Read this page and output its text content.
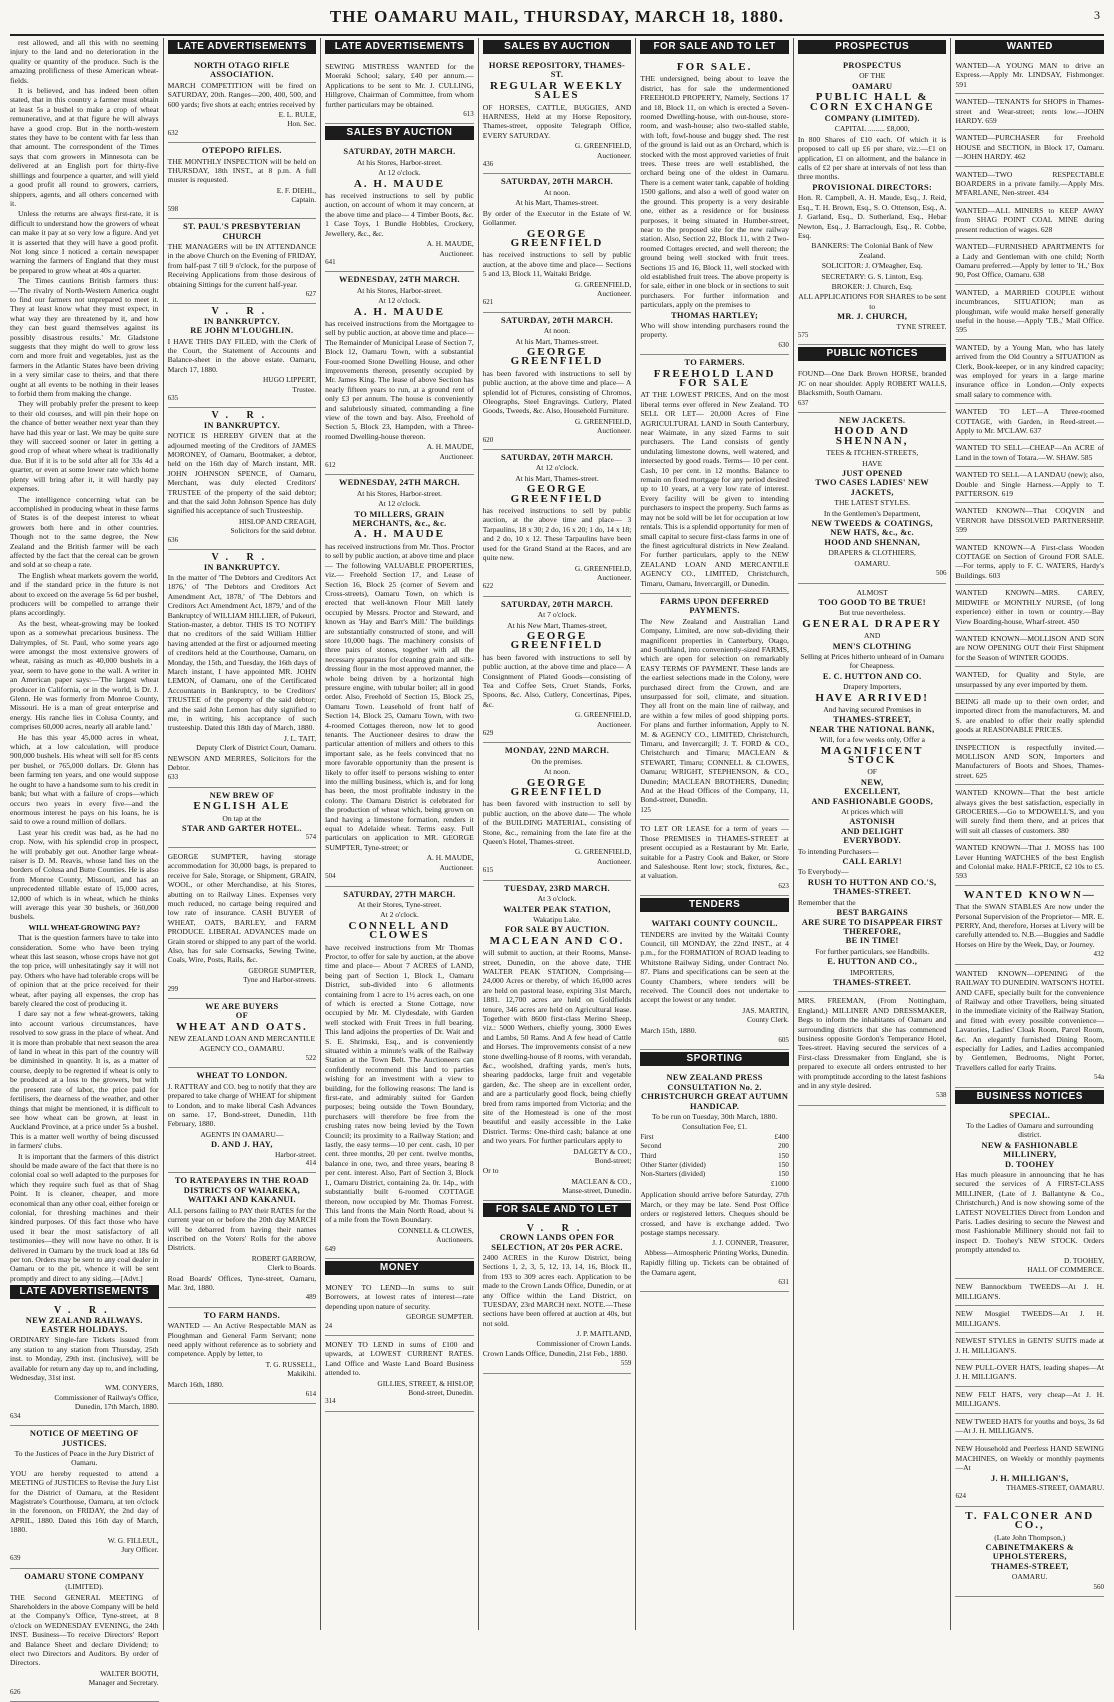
THE OAMARU MAIL, THURSDAY, MARCH 18, 1880.	3

rest allowed, and all this with no seeming injury to the land and no deterioration in the quality or quantity of the produce. Such is the amazing prolificness of these American wheat-fields.

It is believed, and has indeed been often stated, that in this country a farmer must obtain at least 5s a bushel to make a crop of wheat remunerative, and at that figure he will always have a good crop. But in the north-western states they have to be content with far less than that amount. The correspondent of the Times says that corn growers in Minnesota can be delivered at an English port for thirty-five shillings and fourpence a quarter, and will yield a good profit all round to growers, carriers, shippers, agents, and all others concerned with it.

Unless the returns are always first-rate, it is difficult to understand how the growers of wheat can make it pay at so very low a figure. And yet it is asserted that they will have a good profit. Not long since I noticed a certain newspaper warning the farmers of England that they must be prepared to grow wheat at 40s a quarter.

The Times cautions British farmers thus:—'The rivalry of North-Western America ought to find our farmers not unprepared to meet it. They at least know what they must expect, in what way they are threatened by it, and how they can best guard themselves against its possibly disastrous results.' Mr. Gladstone suggests that they might do well to grow less corn and more fruit and vegetables, just as the farmers in the Atlantic States have been driving in a very similar case to theirs, and that there ought at all events to be nothing in their leases to forbid them from making the change.

They will probably prefer the present to keep to their old courses, and will pin their hope on the chance of better weather next year than they have had this year or last. We may be quite sure they will succeed sooner or later in getting a good crop of wheat where wheat is traditionally due. But if it is to be sold after all for 33s 4d a quarter, or even at some lower rate which home plenty will bring after it, it will hardly pay expenses.

The intelligence concerning what can be accomplished in producing wheat in these farms of States is of the deepest interest to wheat growers both here and in other countries. Though not to the same degree, the New Zealand and the British farmer will be each affected by the fact that the cereal can be grown and sold at so cheap a rate.

The English wheat markets govern the world, and if the standard price in the future is not about to exceed on the average 5s 6d per bushel, producers will be compelled to arrange their plans accordingly.

As the best, wheat-growing may be looked upon as a somewhat precarious business. The Dalrymples, of St. Paul, who some years ago were amongst the most extensive growers of wheat, raising as much as 40,000 bushels in a year, seem to have gone to the wall. A writer in an American paper says:—'The largest wheat producer in California, or in the world, is Dr. J. Glenn. He was formerly from Monroe County, Missouri. He is a man of great enterprise and energy. His ranche lies in Colusa County, and comprises 60,000 acres, nearly all arable land.'

He has this year 45,000 acres in wheat, which, at a low calculation, will produce 900,000 bushels. His wheat will sell for 85 cents per bushel, or 765,000 dollars. Dr. Glenn has been farming ten years, and one would suppose he ought to have a handsome sum to his credit in bank; but what with a failure of crops—which occurs two years in every five—and the enormous interest he pays on his loans, he is said to owe a round million of dollars.

Last year his credit was bad, as he had no crop. Now, with his splendid crop in prospect, he will probably get out. Another large wheat-raiser is D. M. Reavis, whose land lies on the borders of Colusa and Butte Counties. He is also from Monroe County, Missouri, and has an unprecedented tillable estate of 15,000 acres, 12,000 of which is in wheat, which he thinks will average this year 30 bushels, or 360,000 bushels.

WILL WHEAT-GROWING PAY?

That is the question farmers have to take into consideration. Some who have been trying wheat this last season, whose crops have not got the top price, will unhesitatingly say it will not pay. Others who have had tolerable crops will be of opinion that at the price received for their wheat, after paying all expenses, the crop has barely cleared the cost of producing it.

I dare say not a few wheat-growers, taking into account various circumstances, have resolved to sow grass in the place of wheat. And it is more than probable that next season the area of land in wheat in this part of the country will be diminished in quantity. It is, as a matter of course, deeply to be regretted if wheat is only to be produced at a loss to the growers, but with the present rate of labor, the price paid for fertilisers, the dearness of the weather, and other things that might be mentioned, it is difficult to see how wheat can be grown, at least in Auckland Province, at a price under 5s a bushel. This is a matter well worthy of being discussed in farmers' clubs.

It is important that the farmers of this district should be made aware of the fact that there is no colonial coal so well adapted to the purposes for which they require such fuel as that of Shag Point. It is cleaner, cheaper, and more economical than any other coal, either foreign or colonial, for threshing machines and their kindred purposes. Of this fact those who have used it bear the most satisfactory of all testimonies—they will now have no other. It is delivered in Oamaru by the truck load at 18s 6d per ton. Orders may be sent to any coal dealer in Oamaru or to the pit, whence it will be sent promptly and direct to any siding.—[Advt.]

LATE ADVERTISEMENTS
V. R.
NEW ZEALAND RAILWAYS.
EASTER HOLIDAYS.

ORDINARY Single-fare Tickets issued from any station to any station from Thursday, 25th inst. to Monday, 29th inst. (inclusive), will be available for return any day up to, and including, Wednesday, 31st inst.

WM. CONYERS,
Commissioner of Railway's Office,
Dunedin, 17th March, 1880.
634
NOTICE OF MEETING OF JUSTICES.

To the Justices of Peace in the Jury District of Oamaru.

YOU are hereby requested to attend a MEETING of JUSTICES to Revise the Jury List for the District of Oamaru, at the Resident Magistrate's Courthouse, Oamaru, at ten o'clock in the forenoon, on FRIDAY, the 2nd day of APRIL, 1880. Dated this 16th day of March, 1880.

W. G. FILLEUL,
Jury Officer.
639
OAMARU STONE COMPANY

(LIMITED).

THE Second GENERAL MEETING of Shareholders in the above Company will be held at the Company's Office, Tyne-street, at 8 o'clock on WEDNESDAY EVENING, the 24th INST. Business—To receive Directors' Report and Balance Sheet and declare Dividend; to elect two Directors and Auditors. By order of Directors.

WALTER BOOTH,
Manager and Secretary.
626
LATE ADVERTISEMENTS
NORTH OTAGO RIFLE ASSOCIATION.

MARCH COMPETITION will be fired on SATURDAY, 20th. Ranges—200, 400, 500, and 600 yards; five shots at each; entries received by

E. L. RULE,
Hon. Sec.
632
OTEPOPO RIFLES.

THE MONTHLY INSPECTION will be held on THURSDAY, 18th INST., at 8 p.m. A full muster is requested.

E. F. DIEHL,
Captain.
598
ST. PAUL'S PRESBYTERIAN CHURCH

THE MANAGERS will be IN ATTENDANCE in the above Church on the Evening of FRIDAY, from half-past 7 till 9 o'clock, for the purpose of Receiving Applications from those desirous of obtaining Sittings for the current half-year.

627
V. R.
IN BANKRUPTCY.
RE JOHN M'LOUGHLIN.

I HAVE THIS DAY FILED, with the Clerk of the Court, the Statement of Accounts and Balance-sheet in the above estate. Oamaru, March 17, 1880.

HUGO LIPPERT,
Trustee.
635
V. R.
IN BANKRUPTCY.

NOTICE IS HEREBY GIVEN that at the adjourned meeting of the Creditors of JAMES MORONEY, of Oamaru, Bootmaker, a debtor, held on the 16th day of March instant, MR. JOHN JOHNSON SPENCE, of Oamaru, Merchant, was duly elected Creditors' TRUSTEE of the property of the said debtor; and that the said John Johnson Spence has duly signified his acceptance of such Trusteeship.

HISLOP AND CREAGH,
Solicitors for the said debtor.
636
V. R.
IN BANKRUPTCY.

In the matter of 'The Debtors and Creditors Act 1876,' of 'The Debtors and Creditors Act Amendment Act, 1878,' of 'The Debtors and Creditors Act Amendment Act, 1879,' and of the Bankruptcy of WILLIAM HILLIER, of Pukeuri, Station-master, a debtor. THIS IS TO NOTIFY that no creditors of the said William Hillier having attended at the first or adjourned meeting of creditors held at the Courthouse, Oamaru, on Monday, the 15th, and Tuesday, the 16th days of March instant, I have appointed MR. JOHN LEMON, of Oamaru, one of the Certificated Accountants in Bankruptcy, to be Creditors' TRUSTEE of the property of the said debtor; and the said John Lemon has duly signified to me, in writing, his acceptance of such trusteeship. Dated this 18th day of March, 1880.

J. L. TAIT,
Deputy Clerk of District Court, Oamaru.

NEWSON AND MERRES, Solicitors for the Debtor.

633
NEW BREW OF
ENGLISH ALE

On tap at the

STAR AND GARTER HOTEL.
574

GEORGE SUMPTER, having storage accommodation for 30,000 bags, is prepared to receive for Sale, Storage, or Shipment, GRAIN, WOOL, or other Merchandise, at his Stores, abutting on to Railway Lines. Expenses very much reduced, no cartage being required and low rate of insurance. CASH BUYER of WHEAT, OATS, BARLEY, and FARM PRODUCE. LIBERAL ADVANCES made on Grain stored or shipped to any part of the world. Also, has for sale Cornsacks, Sewing Twine, Coals, Wire, Posts, Rails, &c.

GEORGE SUMPTER,
Tyne and Harbor-streets.
299
WE ARE BUYERS
OF
WHEAT AND OATS.

NEW ZEALAND LOAN AND MERCANTILE AGENCY CO., OAMARU.

522
WHEAT TO LONDON.

J. RATTRAY and CO. beg to notify that they are prepared to take charge of WHEAT for shipment to London, and to make liberal Cash Advances on same. 17, Bond-street, Dunedin, 11th February, 1880.

AGENTS IN OAMARU—

D. AND J. HAY,
Harbor-street.
414
TO RATEPAYERS IN THE ROAD DISTRICTS OF WAIAREKA, WAITAKI AND KAKANUI.

ALL persons failing to PAY their RATES for the current year on or before the 20th day MARCH will be debarred from having their names inscribed on the Voters' Rolls for the above Districts.

ROBERT GARROW,
Clerk to Boards.

Road Boards' Offices, Tyne-street, Oamaru, Mar. 3rd, 1880.

489
TO FARM HANDS.

WANTED — An Active Respectable MAN as Ploughman and General Farm Servant; none need apply without reference as to sobriety and competence. Apply by letter, to

T. G. RUSSELL,
Makikihi.

March 16th, 1880.

614
LATE ADVERTISEMENTS

SEWING MISTRESS WANTED for the Moeraki School; salary, £40 per annum.—Applications to be sent to Mr. J. CULLING, Hillgrove, Chairman of Committee, from whom further particulars may be obtained.

613
SALES BY AUCTION
SATURDAY, 20TH MARCH.

At his Stores, Harbor-street.

At 12 o'clock.

A. H. MAUDE

has received instructions to sell by public auction, on account of whom it may concern, at the above time and place— 4 Timber Boots, &c. 1 Case Toys, 1 Bundle Hobbles, Crockery, Jewellery, &c., &c.

A. H. MAUDE,
Auctioneer.
641
WEDNESDAY, 24TH MARCH.

At his Stores, Harbor-street.

At 12 o'clock.

A. H. MAUDE

has received instructions from the Mortgagee to sell by public auction, at above time and place— The Remainder of Municipal Lease of Section 7, Block 12, Oamaru Town, with a substantial Four-roomed Stone Dwelling House, and other improvements thereon, presently occupied by Mr. James King. The lease of above Section has nearly fifteen years to run, at a ground rent of only £3 per annum. The house is conveniently and salubriously situated, commanding a fine view of the town and bay. Also, Freehold of Section 5, Block 23, Hampden, with a Three-roomed Dwelling-house thereon.

A. H. MAUDE,
Auctioneer.
612
WEDNESDAY, 24TH MARCH.

At his Stores, Harbor-street.

At 12 o'clock.

TO MILLERS, GRAIN MERCHANTS, &c., &c.
A. H. MAUDE

has received instructions from Mr. Thos. Proctor to sell by public auction, at above time and place— The following VALUABLE PROPERTIES, viz.— Freehold Section 17, and Lease of Section 16, Block 25 (corner of Severn and Cross-streets), Oamaru Town, on which is erected that well-known Flour Mill lately occupied by Messrs. Proctor and Steward, and known as 'Hay and Barr's Mill.' The buildings are substantially constructed of stone, and will store 10,000 bags. The machinery consists of three pairs of stones, together with all the necessary apparatus for cleaning grain and silk-dressing flour in the most approved manner, the whole being driven by a horizontal high pressure engine, with tubular boiler; all in good order. Also, Freehold of Section 15, Block 25, Oamaru Town. Leasehold of front half of Section 14, Block 25, Oamaru Town, with two 4-roomed Cottages thereon, now let to good tenants. The Auctioneer desires to draw the particular attention of millers and others to this important sale, as he feels convinced that no more favorable opportunity than the present is likely to offer itself to persons wishing to enter into the milling business, which is, and for long has been, the most profitable industry in the colony. The Oamaru District is celebrated for the production of wheat which, being grown on land having a limestone formation, renders it equal to Adelaide wheat. Terms easy. Full particulars on application to MR. GEORGE SUMPTER, Tyne-street; or

A. H. MAUDE,
Auctioneer.
504
SATURDAY, 27TH MARCH.

At their Stores, Tyne-street.

At 2 o'clock.

CONNELL AND CLOWES

have received instructions from Mr Thomas Proctor, to offer for sale by auction, at the above time and place— About 7 ACRES of LAND, being part of Section 1, Block I., Oamaru District, sub-divided into 6 allotments containing from 1 acre to 1½ acres each, on one of which is erected a Stone Cottage, now occupied by Mr. M. Clydesdale, with Garden well stocked with Fruit Trees in full bearing. This land adjoins the properties of Dr. Wait and S. E. Shrimski, Esq., and is conveniently situated within a minute's walk of the Railway Station at the Town Belt. The Auctioneers can confidently recommend this land to parties wishing for an investment with a view to building, for the following reasons: The land is first-rate, and admirably suited for Garden purposes; being outside the Town Boundary, purchasers will therefore be free from the crushing rates now being levied by the Town Council; its proximity to a Railway Station; and lastly, the easy terms—10 per cent. cash, 10 per cent. three months, 20 per cent. twelve months, balance in one, two, and three years, bearing 8 per cent. interest. Also, Part of Section 3, Block I., Oamaru District, containing 2a. 0r. 14p., with substantially built 6-roomed COTTAGE thereon, now occupied by Mr. Thomas Forrest. This land fronts the Main North Road, about ¼ of a mile from the Town Boundary.

CONNELL & CLOWES,
Auctioneers.
649
MONEY

MONEY TO LEND—In sums to suit Borrowers, at lowest rates of interest—rate depending upon nature of security.

GEORGE SUMPTER.
24

MONEY TO LEND in sums of £100 and upwards, at LOWEST CURRENT RATES. Land Office and Waste Land Board Business attended to.

GILLIES, STREET, & HISLOP,
Bond-street, Dunedin.
314
SALES BY AUCTION
HORSE REPOSITORY, THAMES-ST.
REGULAR WEEKLY SALES

OF HORSES, CATTLE, BUGGIES, AND HARNESS, Held at my Horse Repository, Thames-street, opposite Telegraph Office, EVERY SATURDAY.

G. GREENFIELD,
Auctioneer.
436
SATURDAY, 20TH MARCH.

At noon.

At his Mart, Thames-street.

By order of the Executor in the Estate of W. Gollanmer.

GEORGE GREENFIELD

has received instructions to sell by public auction, at the above time and place— Sections 5 and 13, Block 11, Waitaki Bridge.

G. GREENFIELD,
Auctioneer.
621
SATURDAY, 20TH MARCH.

At noon.

At his Mart, Thames-street.

GEORGE GREENFIELD

has been favored with instructions to sell by public auction, at the above time and place— A splendid lot of Pictures, consisting of Chromos, Oleographs, Steel Engravings. Cutlery, Plated Goods, Tweeds, &c. Also, Household Furniture.

G. GREENFIELD,
Auctioneer.
620
SATURDAY, 20TH MARCH.

At 12 o'clock.

At his Mart, Thames-street.

GEORGE GREENFIELD

has received instructions to sell by public auction, at the above time and place— 3 Tarpaulins, 18 x 30; 2 do, 16 x 20; 1 do, 14 x 18; and 2 do, 10 x 12. These Tarpaulins have been used for the Grand Stand at the Races, and are quite new.

G. GREENFIELD,
Auctioneer.
622
SATURDAY, 20TH MARCH.

At 7 o'clock.

At his New Mart, Thames-street,

GEORGE GREENFIELD

has been favored with instructions to sell by public auction, at the above time and place— A Consignment of Plated Goods—consisting of Tea and Coffee Sets, Cruet Stands, Forks, Spoons, &c. Also, Cutlery, Concertinas, Pipes, &c.

G. GREENFIELD,
Auctioneer.
629
MONDAY, 22ND MARCH.

On the premises.

At noon.

GEORGE GREENFIELD

has been favored with instruction to sell by public auction, on the above date— The whole of the BUILDING MATERIAL, consisting of Stone, &c., remaining from the late fire at the Queen's Hotel, Thames-street.

G. GREENFIELD,
Auctioneer.
615
TUESDAY, 23RD MARCH.

At 3 o'clock.

WALTER PEAK STATION,

Wakatipu Lake.

FOR SALE BY AUCTION.
MACLEAN AND CO.

will submit to auction, at their Rooms, Manse-street, Dunedin, on the above date, THE WALTER PEAK STATION, Comprising— 24,000 Acres or thereby, of which 16,000 acres are held on pastoral lease, expiring 31st March, 1881. 12,700 acres are held on Goldfields tenure, 346 acres are held on Agricultural lease. Together with 8600 first-class Merino Sheep, viz.: 5000 Wethers, chiefly young, 3000 Ewes and Lambs, 50 Rams. And A few head of Cattle and Horses. The improvements consist of a new stone dwelling-house of 8 rooms, with verandah, &c., woolshed, drafting yards, men's huts, shearing paddocks, large fruit and vegetable garden, &c. The sheep are in excellent order, and are a particularly good flock, being chiefly bred from rams imported from Victoria; and the site of the Homestead is one of the most beautiful and easily accessible in the Lake District. Terms: One-third cash; balance at one and two years. For further particulars apply to

DALGETY & CO.,
Bond-street;

Or to

MACLEAN & CO.,
Manse-street, Dunedin.
FOR SALE AND TO LET
V. R.
CROWN LANDS OPEN FOR SELECTION, AT 20s PER ACRE.

2400 ACRES in the Kurow District, being Sections 1, 2, 3, 5, 12, 13, 14, 16, Block II., from 193 to 309 acres each. Application to be made to the Crown Lands Office, Dunedin, or at any Office within the Land District, on TUESDAY, 23rd MARCH next. NOTE.—These sections have been offered at auction at 40s, but not sold.

J. P. MAITLAND,
Commissioner of Crown Lands.

Crown Lands Office, Dunedin, 21st Feb., 1880.

559
FOR SALE AND TO LET
FOR SALE.

THE undersigned, being about to leave the district, has for sale the undermentioned FREEHOLD PROPERTY, Namely, Sections 17 and 18, Block 11, on which is erected a Seven-roomed Dwelling-house, with out-house, store-room, and wash-house; also two-stalled stable, with loft, fowl-house and buggy shed. The rest of the ground is laid out as an Orchard, which is stocked with the most approved varieties of fruit trees. These trees are well established, the orchard being one of the oldest in Oamaru. There is a cement water tank, capable of holding 1500 gallons, and also a well of good water on the ground. This property is a very desirable one, either as a residence or for business purposes, it being situated in Humber-street, near to the proposed site for the new railway station. Also, Section 22, Block 11, with 2 Two-roomed Cottages erected, and well thereon; the ground being well stocked with fruit trees. Sections 15 and 16, Block 11, well stocked with old established fruit trees. The above property is for sale, either in one block or in sections to suit purchasers. For further information and particulars, apply on the premises to

THOMAS HARTLEY;

Who will show intending purchasers round the property.

630
TO FARMERS.
FREEHOLD LAND FOR SALE

AT THE LOWEST PRICES, And on the most liberal terms ever offered in New Zealand. TO SELL OR LET— 20,000 Acres of Fine AGRICULTURAL LAND in South Canterbury, near Waimate, in any sized Farms to suit purchasers. The Land consists of gently undulating limestone downs, well watered, and intersected by good roads. Terms— 10 per cent. Cash, 10 per cent. in 12 months. Balance to remain on fixed mortgage for any period desired up to 10 years, at a very low rate of interest. Every facility will be given to intending purchasers to inspect the property. Such farms as may not be sold will be let for occupation at low rentals. This is a splendid opportunity for men of small capital to secure first-class farms in one of the finest agricultural districts in New Zealand. For further particulars, apply to the NEW ZEALAND LOAN AND MERCANTILE AGENCY CO., LIMITED, Christchurch, Timaru, Oamaru, Invercargill, or Dunedin.

FARMS UPON DEFERRED PAYMENTS.

The New Zealand and Australian Land Company, Limited, are now sub-dividing their magnificent properties in Canterbury, Otago, and Southland, into conveniently-sized FARMS, which are open for selection on remarkably EASY TERMS OF PAYMENT. These lands are the earliest selections made in the Colony, were purchased direct from the Crown, and are unsurpassed for soil, climate, and situation. They all front on the main line of railway, and are within a few miles of good shipping ports. For plans and further information, Apply to N. M. & AGENCY CO., LIMITED, Christchurch, Timaru, and Invercargill; J. T. FORD & CO., Christchurch and Timaru; MACLEAN & STEWART, Timaru; CONNELL & CLOWES, Oamaru; WRIGHT, STEPHENSON, & CO., Dunedin; MACLEAN BROTHERS, Dunedin; And at the Head Offices of the Company, 11, Bond-street, Dunedin.

125

TO LET OR LEASE for a term of years —Those PREMISES in THAMES-STREET at present occupied as a Restaurant by Mr. Earle, suitable for a Pastry Cook and Baker, or Store and Saleshouse. Rent low; stock, fixtures, &c., at valuation.

623
TENDERS
WAITAKI COUNTY COUNCIL.

TENDERS are invited by the Waitaki County Council, till MONDAY, the 22nd INST., at 4 p.m., for the FORMATION of ROAD leading to Whitstone Railway Siding, under Contract No. 87. Plans and specifications can be seen at the County Chambers, where tenders will be received. The Council does not undertake to accept the lowest or any tender.

JAS. MARTIN,
County Clerk.

March 15th, 1880.

605
SPORTING
NEW ZEALAND PRESS CONSULTATION No. 2.
CHRISTCHURCH GREAT AUTUMN HANDICAP.

To be run on Tuesday, 30th March, 1880.

Consultation Fee, £1.

First	£400
Second	200
Third	150
Other Starter (divided)	150
Non-Starters (divided)	150
	£1000

Application should arrive before Saturday, 27th March, or they may be late. Send Post Office orders or registered letters. Cheques should be crossed, and have is exchange added. Two postage stamps necessary.

J. J. CONNER, Treasurer,
Abbess—Atmospheric Printing Works, Dunedin.

Rapidly filling up. Tickets can be obtained of the Oamaru agent,

631
PROSPECTUS
PROSPECTUS

OF THE

OAMARU
PUBLIC HALL & CORN EXCHANGE
COMPANY (LIMITED).

CAPITAL ......... £8,000,

In 800 Shares of £10 each. Of which it is proposed to call up £6 per share, viz.:—£1 on application, £1 on allotment, and the balance in calls of £2 per share at intervals of not less than three months.

PROVISIONAL DIRECTORS:

Hon. R. Campbell, A. H. Maude, Esq., J. Reid, Esq., T. H. Brown, Esq., S. O. Ottenson, Esq., A. J. Garland, Esq., D. Sutherland, Esq., Hebar Newton, Esq., J. Barraclough, Esq., R. Cobbe, Esq.

BANKERS: The Colonial Bank of New Zealand.

SOLICITOR: J. O'Meagher, Esq.

SECRETARY: G. S. Lintott, Esq.

BROKER: J. Church, Esq.

ALL APPLICATIONS FOR SHARES to be sent to

MR. J. CHURCH,
TYNE STREET.
575
PUBLIC NOTICES

FOUND—One Dark Brown HORSE, branded JC on near shoulder. Apply ROBERT WALLS, Blacksmith, South Oamaru.

637
NEW JACKETS.
HOOD AND SHENNAN,

TEES & ITCHEN-STREETS,

HAVE

JUST OPENED
TWO CASES LADIES' NEW
JACKETS,

THE LATEST STYLES.

In the Gentlemen's Department,

NEW TWEEDS & COATINGS,
NEW HATS, &c., &c.
HOOD AND SHENNAN,

DRAPERS & CLOTHIERS,

OAMARU.

506

ALMOST

TOO GOOD TO BE TRUE!

But true nevertheless.

GENERAL DRAPERY

AND

MEN'S CLOTHING

Selling at Prices hitherto unheard of in Oamaru for Cheapness.

E. C. HUTTON AND CO.

Drapery Importers,

HAVE ARRIVED!

And having secured Premises in

THAMES-STREET,
NEAR THE NATIONAL BANK,

Will, for a few weeks only, Offer a

MAGNIFICENT STOCK

OF

NEW,
EXCELLENT,
AND FASHIONABLE GOODS,

At prices which will

ASTONISH
AND DELIGHT
EVERYBODY.

To intending Purchasers—

CALL EARLY!

To Everybody—

RUSH TO HUTTON AND CO.'S,
THAMES-STREET.

Remember that the

BEST BARGAINS
ARE SURE TO DISAPPEAR FIRST
THEREFORE,
BE IN TIME!

For further particulars, see Handbills.

E. HUTTON AND CO.,

IMPORTERS,

THAMES-STREET.

MRS. FREEMAN, (From Nottingham, England,) MILLINER AND DRESSMAKER, Begs to inform the inhabitants of Oamaru and surrounding districts that she has commenced business opposite Gordon's Temperance Hotel, Tees-street. Having secured the services of a First-class Dressmaker from England, she is prepared to execute all orders entrusted to her with promptitude according to the latest fashions and in any style desired.

538
WANTED
WANTED—A YOUNG MAN to drive an Express.—Apply Mr. LINDSAY, Fishmonger. 591
WANTED—TENANTS for SHOPS in Thames-street and Wear-street; rents low.—JOHN HARDY. 659
WANTED—PURCHASER for Freehold HOUSE and SECTION, in Block 17, Oamaru.—JOHN HARDY. 462
WANTED—TWO RESPECTABLE BOARDERS in a private family.—Apply Mrs. M'FARLANE, Nen-street. 434
WANTED—ALL MINERS to KEEP AWAY from SHAG POINT COAL MINE during present reduction of wages. 628
WANTED—FURNISHED APARTMENTS for a Lady and Gentleman with one child; North Oamaru preferred.—Apply by letter to 'H.,' Box 90, Post Office, Oamaru. 638
WANTED, a MARRIED COUPLE without incumbrances, SITUATION; man as ploughman, wife would make herself generally useful in the house.—Apply 'T.B.,' Mail Office. 595
WANTED, by a Young Man, who has lately arrived from the Old Country a SITUATION as Clerk, Book-keeper, or in any kindred capacity; was employed for years in a large marine insurance office in London.—Only expects small salary to commence with.
WANTED TO LET—A Three-roomed COTTAGE, with Garden, in Reed-street.—Apply to Mr. M'CLAW. 637
WANTED TO SELL—CHEAP—An ACRE of Land in the town of Totara.—W. SHAW. 585
WANTED TO SELL—A LANDAU (new); also, Double and Single Harness.—Apply to T. PATTERSON. 619
WANTED KNOWN—That COQVIN and VERNOR have DISSOLVED PARTNERSHIP. 599
WANTED KNOWN—A First-class Wooden COTTAGE on Section of Ground FOR SALE.—For terms, apply to F. C. WATERS, Hardy's Buildings. 603
WANTED KNOWN—MRS. CAREY, MIDWIFE or MONTHLY NURSE, (of long experience) either in town or country.—Bay View Boarding-house, Wharf-street. 450
WANTED KNOWN—MOLLISON AND SON are NOW OPENING OUT their First Shipment for the Season of WINTER GOODS.
WANTED, for Quality and Style, are unsurpassed by any ever imported by them.
BEING all made up to their own order, and imported direct from the manufacturers, M. and S. are enabled to offer their really splendid goods at REASONABLE PRICES.
INSPECTION is respectfully invited.—MOLLISON AND SON, Importers and Manufacturers of Boots and Shoes, Thames-street. 625
WANTED KNOWN—That the best article always gives the best satisfaction, especially in GROCERIES.—Go to M'DOWELL'S, and you will surely find them there, and at prices that will suit all classes of customers. 380
WANTED KNOWN—That J. MOSS has 100 Lever Hunting WATCHES of the best English and Colonial make. HALF-PRICE, £2 10s to £5. 593
WANTED KNOWN—

That the SWAN STABLES Are now under the Personal Supervision of the Proprietor— MR. E. PERRY, And, therefore, Horses at Livery will be carefully attended to. N.B.—Buggies and Saddle Horses on Hire by the Week, Day, or Journey.

432

WANTED KNOWN—OPENING of the RAILWAY TO DUNEDIN. WATSON'S HOTEL AND CAFE, specially built for the convenience of Railway and other Travellers, being situated in the immediate vicinity of the Railway Station, and fitted with every possible convenience—Lavatories, Ladies' Cloak Room, Parcel Room, &c. An elegantly furnished Dining Room, especially for Ladies, and Ladies accompanied by Gentlemen, Bedrooms, Night Porter, Travellers called for early Trains.

54a
BUSINESS NOTICES
SPECIAL.

To the Ladies of Oamaru and surrounding district.

NEW & FASHIONABLE MILLINERY,
D. TOOHEY

Has much pleasure in announcing that he has secured the services of A FIRST-CLASS MILLINER, (Late of J. Ballantyne & Co., Christchurch,) And is now showing some of the LATEST NOVELTIES Direct from London and Paris. Ladies desiring to secure the Newest and most Fashionable Millinery should not fail to inspect D. Toohey's NEW STOCK. Orders promptly attended to.

D. TOOHEY,
HALL OF COMMERCE.
NEW Bannockburn TWEEDS—At J. H. MILLIGAN'S.
NEW Mosgiel TWEEDS—At J. H. MILLIGAN'S.
NEWEST STYLES in GENTS' SUITS made at J. H. MILLIGAN'S.
NEW PULL-OVER HATS, leading shapes—At J. H. MILLIGAN'S.
NEW FELT HATS, very cheap—At J. H. MILLIGAN'S.
NEW TWEED HATS for youths and boys, 3s 6d—At J. H. MILLIGAN'S.

NEW Household and Peerless HAND SEWING MACHINES, on Weekly or monthly payments—At

J. H. MILLIGAN'S,
THAMES-STREET, OAMARU.
624
T. FALCONER AND CO.,

(Late John Thompson,)

CABINETMAKERS & UPHOLSTERERS,
THAMES-STREET,

OAMARU.

560
